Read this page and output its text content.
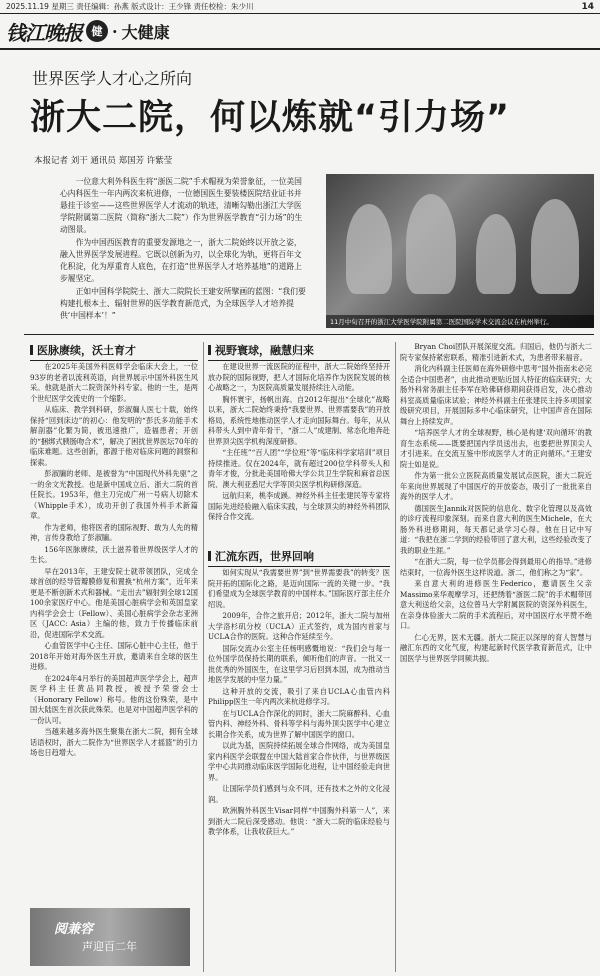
2025.11.19 星期三 责任编辑：孙燕 版式设计：王少锋 责任校检：朱少川	14
钱江晚报 健 · 大健康
世界医学人才心之所向
浙大二院，何以炼就“引力场”
本报记者 刘干 通讯员 郑国芳 许紫莹

一位意大利外科医生将“浙医二院”手术帽视为荣誉象征，一位美国心内科医生一年内两次来杭进修，一位德国医生要装楼医院结业证书并悬挂于诊室——这些世界医学人才流动的轨迹，清晰勾勒出浙江大学医学院附属第二医院（简称“浙大二院”）作为世界医学教育“引力场”的生动图景。

作为中国西医教育的重要发源地之一，浙大二院始终以开放之姿，融入世界医学发展进程。它既以创新为刃，以全球化为轨，更将百年文化积淀，化为厚重育人底色，在打造“世界医学人才培养基地”的道路上步履坚定。

正如中国科学院院士、浙大二院院长王建安所擘画的蓝图：“我们要构建扎根本土、辐射世界的医学教育新范式，为全球医学人才培养提供‘中国样本’！”

11月中旬召开的浙江大学医学院附属第二医院国际学术交流会议在杭州举行。
医脉赓续，沃土育才

在2025年美国外科医师学会临床大会上，一位93岁的老者以流利英语，向世界展示中国外科医生风采。他就是浙大二院资深外科专家。他的一生，是两个世纪医学交流史的一个缩影。

从临床、教学到科研，彭淑牖人医七十载，始终保持“回到床边”的初心：他发明的“彭氏多功能手术解剖器”化繁为简，被迅速推广，造福患者；开创的“捆绑式胰肠吻合术”，解决了困扰世界医坛70年的临床难题。这些创新，都源于他对临床问题的洞察和探索。

彭淑牖的老师、是被誉为“中国现代外科先驱”之一的余文光教授。也是新中国成立后、浙大二院的首任院长。1953年，他主刀完成广州一号病人切除术（Whipple手术），成功开创了我国外科手术新篇章。

作为老师，他将医者的国际视野、敢为人先的精神，言传身教给了彭淑牖。

156年医脉赓续，沃土滋养着世界级医学人才的生长。

早在2013年，王建安院士就带领团队，完成全球首创的经导管瓣膜修复和置换“杭州方案”，近年来更是不断创新术式和器械。“走出去”辐射到全球12国100余家医疗中心。他是美国心脏病学会和英国皇家内科学会会士（Fellow）、美国心脏病学会杂志亚洲区（JACC: Asia）主编的他，致力于传播临床前沿，促进国际学术交流。

心血管医学中心主任、国际心脏中心主任，他于2018年开始对海外医生开放，邀请来自全球的医生进修。

在2024年4月举行的美国超声医学学会上，超声医学科主任黄品同教授，被授予荣誉会士（Honorary Fellow）称号。他的这份殊荣，是中国大陆医生首次获此殊荣。也是对中国超声医学科的一份认可。

当越来越多海外医生聚集在浙大二院，拥有全球话语权时，浙大二院作为“世界医学人才摇篮”的引力场也日趋增大。

视野寰球，融慧归来

在建设世界一流医院的征程中，浙大二院始终坚持开放办院的国际视野，把人才国际化培养作为医院发展的核心战略之一，为医院高质量发展持续注入动能。

胸怀寰宇，扬帆出海。自2012年提出“全球化”战略以来，浙大二院始终秉持“我要世界、世界需要我”的开放格局，系统性地推动医学人才走向国际舞台。每年，从从科带头人到中青年骨干，“浙二人”成建制、常态化地奔赴世界顶尖医学机构深度研修。

“主任班”“百人团”“学位班”等“临床科学家培训”项目持续推进。仅在2024年，就有超过200位学科带头人和青年才俊，分批赴美国哈佛大学公共卫生学院和麻省总医院、澳大利亚悉尼大学等顶尖医学机构研修深造。

远航归来，桃李成蹊。神经外科主任张建民等专家将国际先进经验融入临床实践，与全球顶尖的神经外科团队保持合作交流。

汇流东西，世界回响

如何实现从“我需要世界”到“世界需要我”的转变？医院开拓的国际化之路，是迈向国际一流的关键一步。“我们希望成为全球医学教育的中国样本。”国际医疗部主任介绍说。

2009年，合作之旅开启；2012年，浙大二院与加州大学洛杉矶分校（UCLA）正式签约，成为国内首家与UCLA合作的医院。这种合作延续至今。

国际交流办公室主任杨明感慨地说：“我们会与每一位外国学员保持长期的联系，倾听他们的声音。一批又一批优秀的外国医生，在这里学习后回到本国，成为推动当地医学发展的中坚力量。”

这种开放的交流，吸引了来自UCLA心血管内科Philipp医生一年内两次来杭进修学习。

在与UCLA合作深化的同时，浙大二院麻醉科、心血管内科、神经外科、骨科等学科与海外顶尖医学中心建立长期合作关系，成为世界了解中国医学的窗口。

以此为基，医院持续拓展全球合作网络，成为美国皇家内科医学会联盟在中国大陆首家合作伙伴，与世界级医学中心共同推动临床医学国际化进程，让中国经验走向世界。

让国际学员们感到与众不同，还有技术之外的文化浸润。

欧洲胸外科医生Visar同样“中国胸外科第一人”，来到浙大二院后深受感动。他说：“浙大二院的临床经验与教学体系，让我收获巨大。”

Bryan Choi团队开展深度交流。归国后，他仍与浙大二院专家保持紧密联系，精准引进新术式，为患者带来福音。

消化内科副主任医师在海外研修中思考“国外指南未必完全适合中国患者”，由此推动更贴近国人特征的临床研究；大肠外科常务副主任李军在哈佛研修期间获得启发，决心推动科室高质量临床试验；神经外科副主任张建民主持多项国家级研究项目，开展国际多中心临床研究，让中国声音在国际舞台上持续发声。

“培养医学人才的全球视野，核心是构建‘双向循环’的教育生态系统——既要把国内学员送出去，也要把世界顶尖人才引进来。在交流互鉴中形成医学人才的正向循环。”王建安院士如是说。

作为第一批公立医院高质量发展试点医院，浙大二院近年来向世界展现了中国医疗的开放姿态，吸引了一批批来自海外的医学人才。

德国医生Jannik对医院的信息化、数字化管理以及高效的诊疗流程印象深刻。而来自意大利的医生Michele，在大肠外科进修期间，每天都记录学习心得。他在日记中写道：“我把在浙二学到的经验带回了意大利，这些经验改变了我的职业生涯。”

“在浙大二院，每一位学员都会得到最用心的指导。”进修结束时，一位海外医生这样说道。浙二，他们称之为“家”。

来自意大利的进修医生Federico，邀请医生父亲Massimo来华观摩学习，还把绣着“浙医二院”的手术帽带回意大利送给父亲，这位曾马大学附属医院的资深外科医生，在亲身体验浙大二院的手术流程后，对中国医疗水平赞不绝口。

仁心无界，医术无疆。浙大二院正以深厚的育人智慧与融汇东西的文化气度，构建起新时代医学教育新范式，让中国医学与世界医学同频共振。

阅兼容
声迎百二年
